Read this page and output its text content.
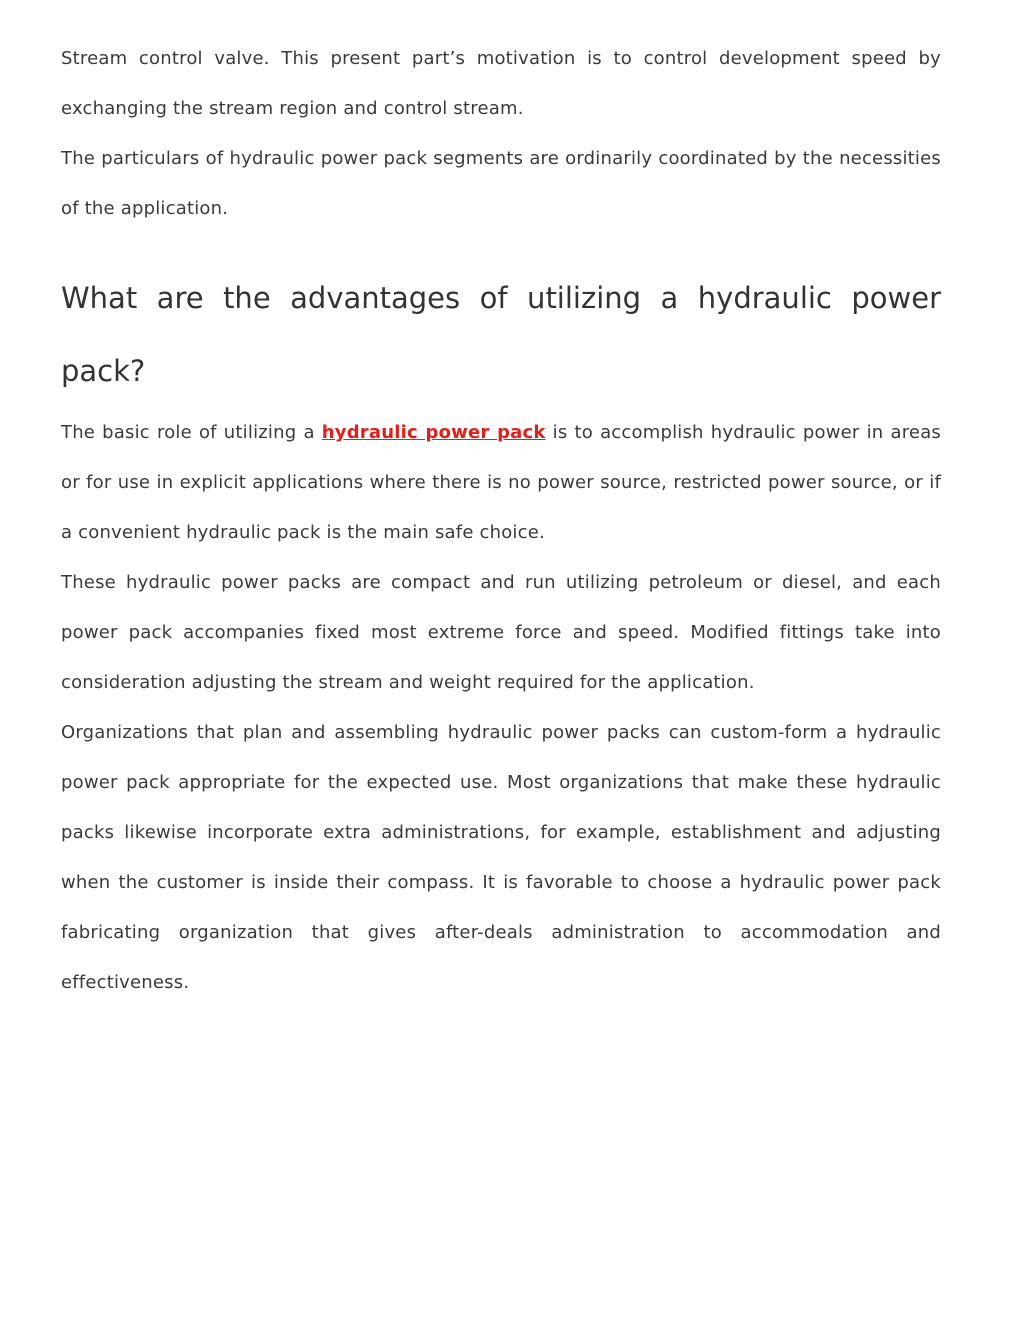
Stream control valve. This present part’s motivation is to control development speed by exchanging the stream region and control stream.

The particulars of hydraulic power pack segments are ordinarily coordinated by the necessities of the application.

What are the advantages of utilizing a hydraulic power pack?

The basic role of utilizing a hydraulic power pack is to accomplish hydraulic power in areas or for use in explicit applications where there is no power source, restricted power source, or if a convenient hydraulic pack is the main safe choice.

These hydraulic power packs are compact and run utilizing petroleum or diesel, and each power pack accompanies fixed most extreme force and speed. Modified fittings take into consideration adjusting the stream and weight required for the application.

Organizations that plan and assembling hydraulic power packs can custom-form a hydraulic power pack appropriate for the expected use. Most organizations that make these hydraulic packs likewise incorporate extra administrations, for example, establishment and adjusting when the customer is inside their compass. It is favorable to choose a hydraulic power pack fabricating organization that gives after-deals administration to accommodation and effectiveness.
